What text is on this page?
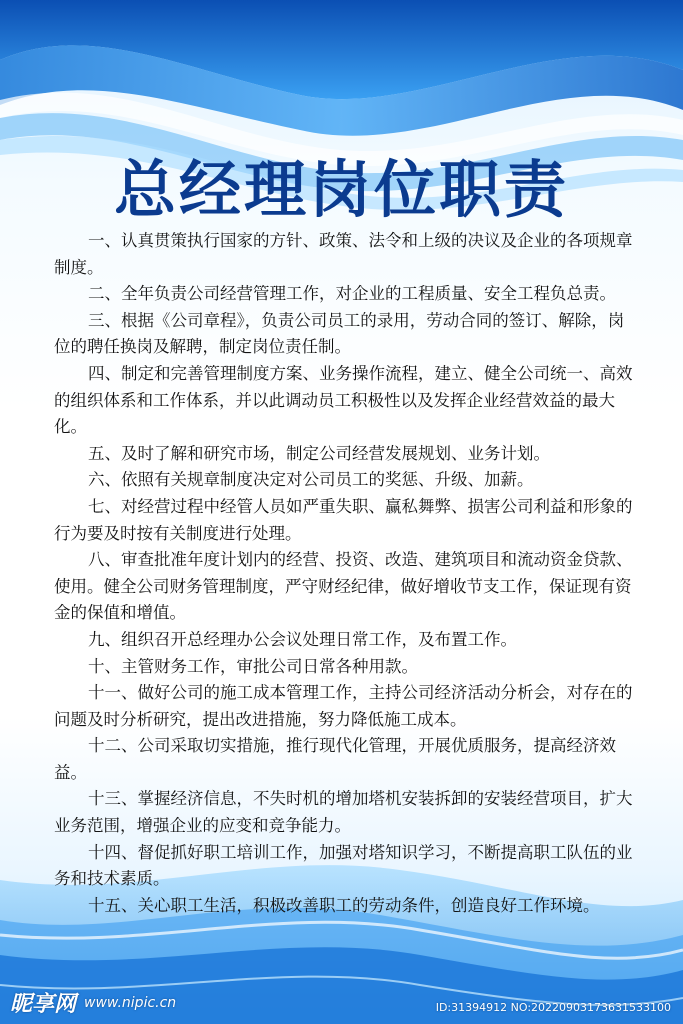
总经理岗位职责

一、认真贯策执行国家的方针、政策、法令和上级的决议及企业的各项规章制度。

二、全年负责公司经营管理工作，对企业的工程质量、安全工程负总责。

三、根据《公司章程》，负责公司员工的录用，劳动合同的签订、解除，岗位的聘任换岗及解聘，制定岗位责任制。

四、制定和完善管理制度方案、业务操作流程，建立、健全公司统一、高效的组织体系和工作体系，并以此调动员工积极性以及发挥企业经营效益的最大化。

五、及时了解和研究市场，制定公司经营发展规划、业务计划。

六、依照有关规章制度决定对公司员工的奖惩、升级、加薪。

七、对经营过程中经管人员如严重失职、赢私舞弊、损害公司利益和形象的行为要及时按有关制度进行处理。

八、审查批准年度计划内的经营、投资、改造、建筑项目和流动资金贷款、使用。健全公司财务管理制度，严守财经纪律，做好增收节支工作，保证现有资金的保值和增值。

九、组织召开总经理办公会议处理日常工作，及布置工作。

十、主管财务工作，审批公司日常各种用款。

十一、做好公司的施工成本管理工作，主持公司经济活动分析会，对存在的问题及时分析研究，提出改进措施，努力降低施工成本。

十二、公司采取切实措施，推行现代化管理，开展优质服务，提高经济效益。

十三、掌握经济信息，不失时机的增加塔机安装拆卸的安装经营项目，扩大业务范围，增强企业的应变和竞争能力。

十四、督促抓好职工培训工作，加强对塔知识学习，不断提高职工队伍的业务和技术素质。

十五、关心职工生活，积极改善职工的劳动条件，创造良好工作环境。

昵享网 www.nipic.cn	ID:31394912 NO:20220903173631533100
